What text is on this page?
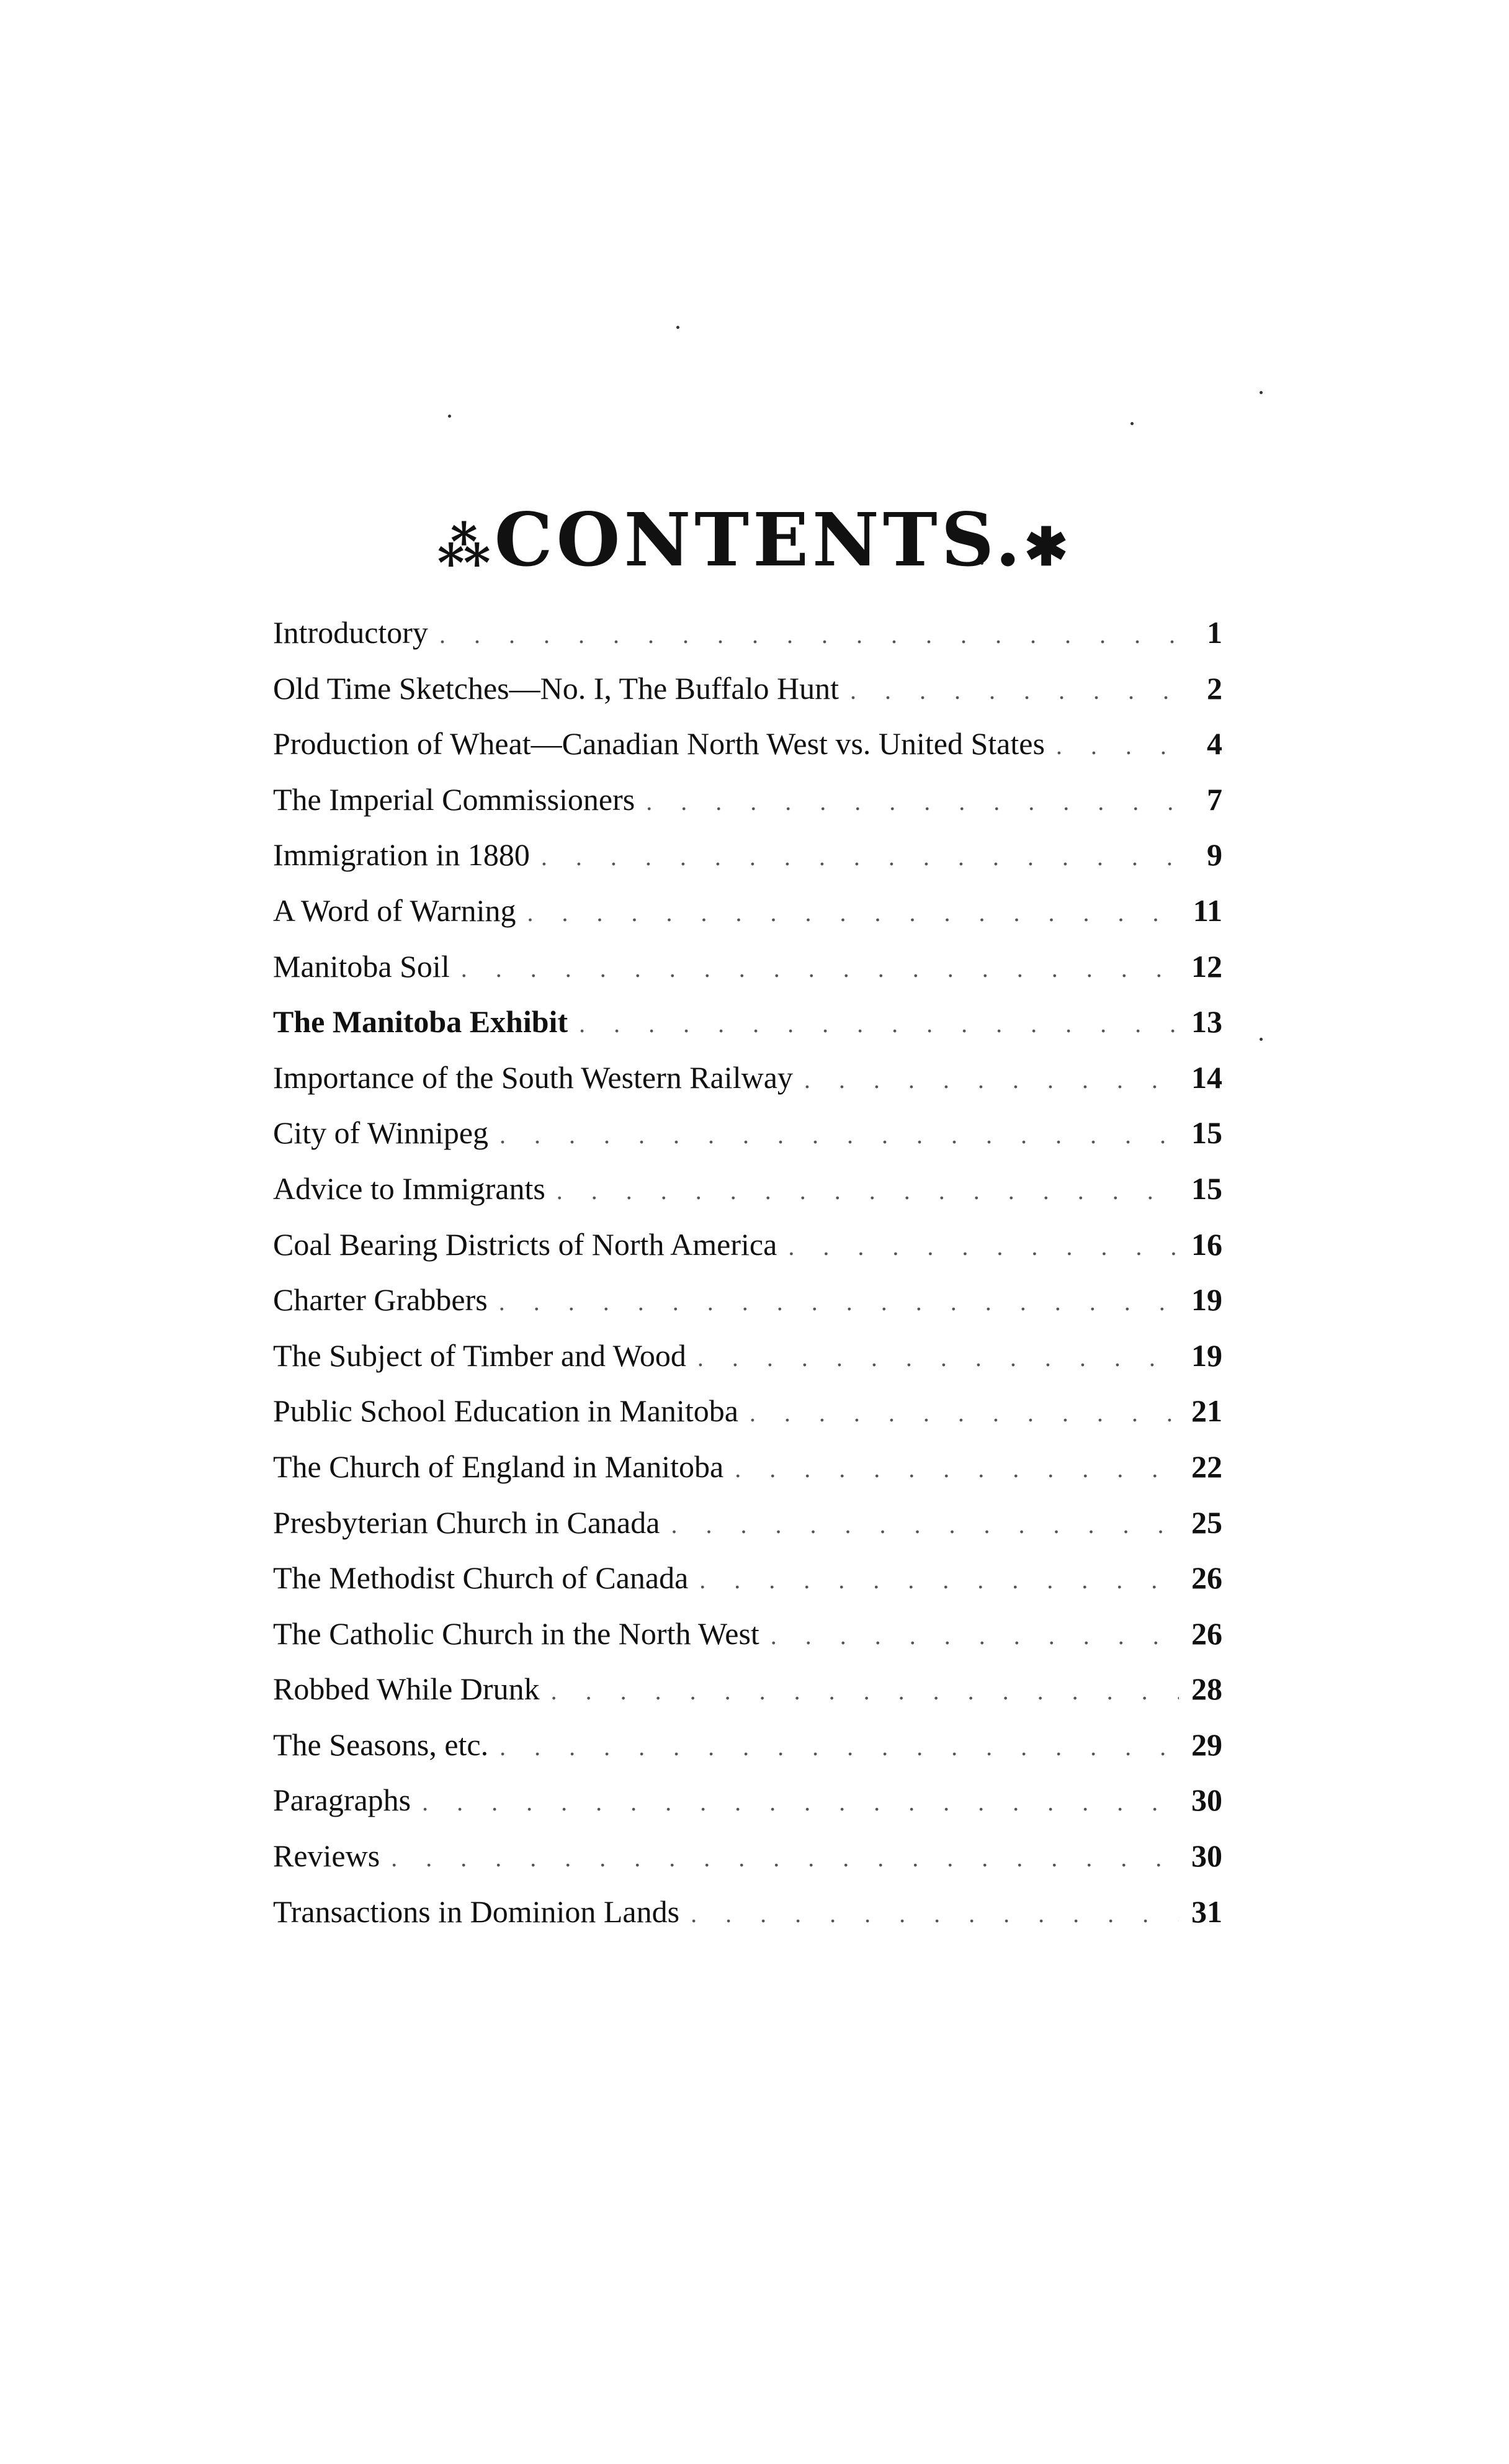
⁂CONTENTS.✱
Introductory . . .	1
Old Time Sketches—No. I, The Buffalo Hunt . . .	2
Production of Wheat—Canadian North West vs. United States . . .	4
The Imperial Commissioners . . .	7
Immigration in 1880 . . .	9
A Word of Warning . . .	11
Manitoba Soil . . .	12
The Manitoba Exhibit . . .	13
Importance of the South Western Railway . . .	14
City of Winnipeg . . .	15
Advice to Immigrants . . .	15
Coal Bearing Districts of North America . . .	16
Charter Grabbers . . .	19
The Subject of Timber and Wood . . .	19
Public School Education in Manitoba . . .	21
The Church of England in Manitoba . . .	22
Presbyterian Church in Canada . . .	25
The Methodist Church of Canada . . .	26
The Catholic Church in the North West . . .	26
Robbed While Drunk . . .	28
The Seasons, etc. . . .	29
Paragraphs . . .	30
Reviews . . .	30
Transactions in Dominion Lands . . .	31
